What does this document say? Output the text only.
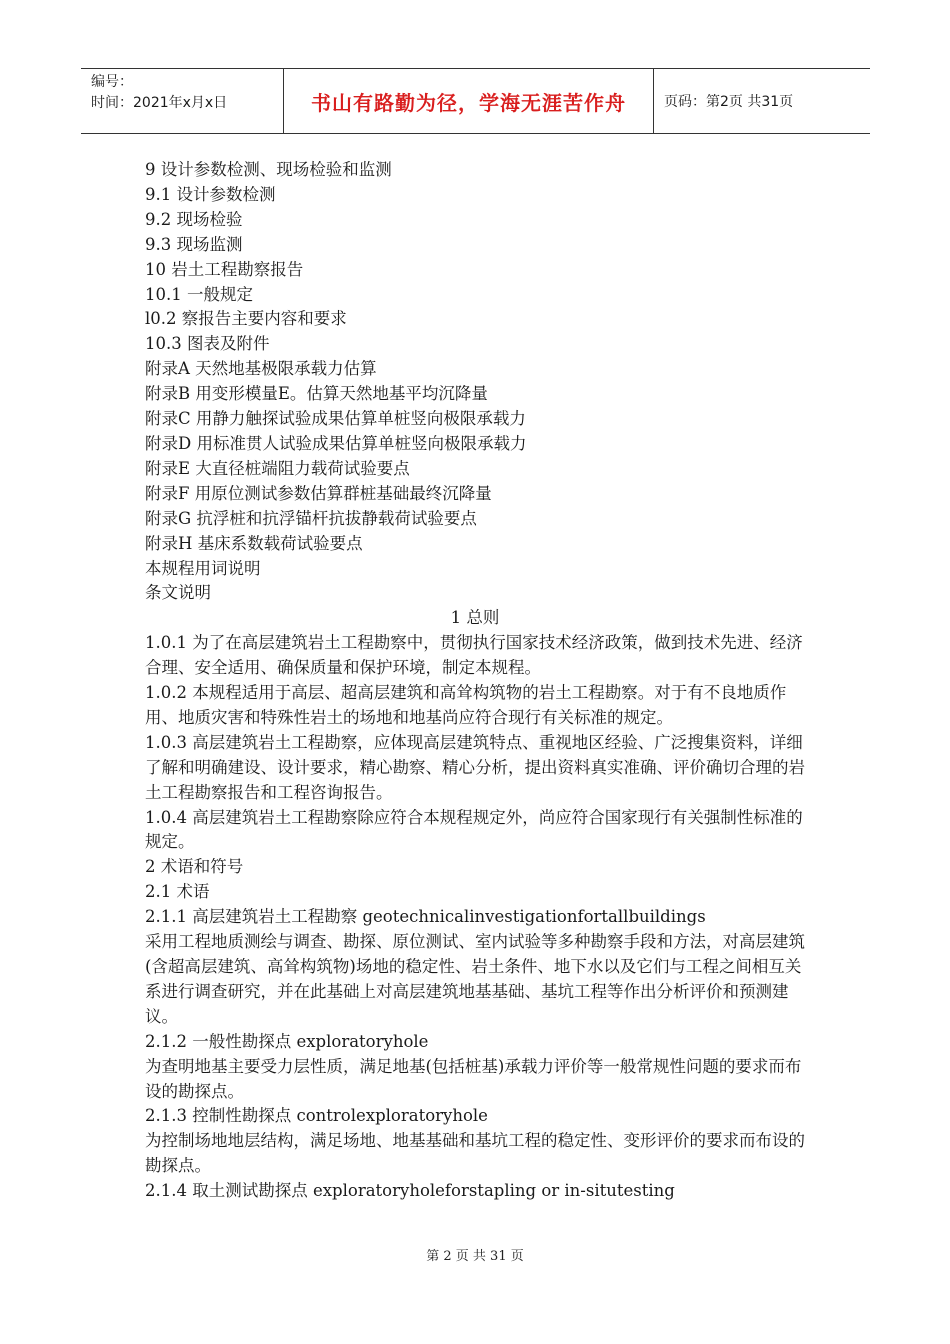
编号：
时间：2021年x月x日	书山有路勤为径，学海无涯苦作舟	页码：第2页 共31页

9 设计参数检测、现场检验和监测

9.1 设计参数检测

9.2 现场检验

9.3 现场监测

10 岩土工程勘察报告

10.1 一般规定

l0.2 察报告主要内容和要求

10.3 图表及附件

附录A 天然地基极限承载力估算

附录B 用变形模量E。估算天然地基平均沉降量

附录C 用静力触探试验成果估算单桩竖向极限承载力

附录D 用标准贯人试验成果估算单桩竖向极限承载力

附录E 大直径桩端阻力载荷试验要点

附录F 用原位测试参数估算群桩基础最终沉降量

附录G 抗浮桩和抗浮锚杆抗拔静载荷试验要点

附录H 基床系数载荷试验要点

本规程用词说明

条文说明

1 总则

1.0.1 为了在高层建筑岩土工程勘察中，贯彻执行国家技术经济政策，做到技术先进、经济合理、安全适用、确保质量和保护环境，制定本规程。

1.0.2 本规程适用于高层、超高层建筑和高耸构筑物的岩土工程勘察。对于有不良地质作用、地质灾害和特殊性岩土的场地和地基尚应符合现行有关标准的规定。

1.0.3 高层建筑岩土工程勘察，应体现高层建筑特点、重视地区经验、广泛搜集资料，详细了解和明确建设、设计要求，精心勘察、精心分析，提出资料真实准确、评价确切合理的岩土工程勘察报告和工程咨询报告。

1.0.4 高层建筑岩土工程勘察除应符合本规程规定外，尚应符合国家现行有关强制性标准的规定。

2 术语和符号

2.1 术语

2.1.1 高层建筑岩土工程勘察 geotechnicalinvestigationfortallbuildings

采用工程地质测绘与调查、勘探、原位测试、室内试验等多种勘察手段和方法，对高层建筑(含超高层建筑、高耸构筑物)场地的稳定性、岩土条件、地下水以及它们与工程之间相互关系进行调查研究，并在此基础上对高层建筑地基基础、基坑工程等作出分析评价和预测建议。

2.1.2 一般性勘探点 exploratoryhole

为查明地基主要受力层性质，满足地基(包括桩基)承载力评价等一般常规性问题的要求而布设的勘探点。

2.1.3 控制性勘探点 controlexploratoryhole

为控制场地地层结构，满足场地、地基基础和基坑工程的稳定性、变形评价的要求而布设的勘探点。

2.1.4 取土测试勘探点 exploratoryholeforstapling or in-situtesting

第 2 页 共 31 页
